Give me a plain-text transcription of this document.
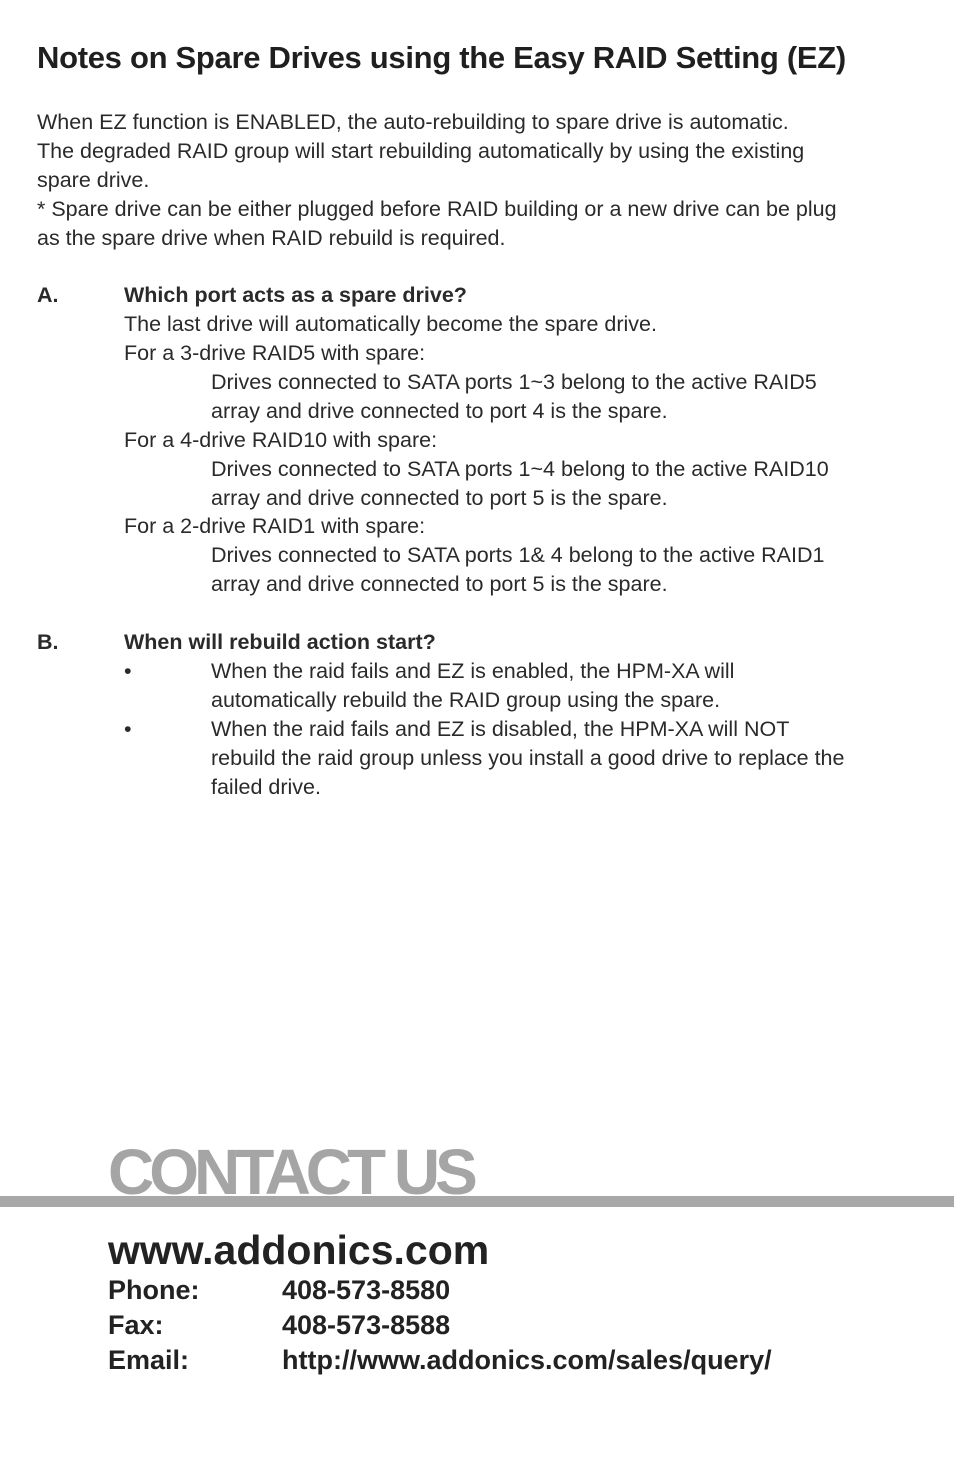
Notes on Spare Drives using the Easy RAID Setting (EZ)
When EZ function is ENABLED, the auto-rebuilding to spare drive is automatic.
The degraded RAID group will start rebuilding automatically by using the existing
spare drive.
* Spare drive can be either plugged before RAID building or a new drive can be plug
as the spare drive when RAID rebuild is required.
A.	Which port acts as a spare drive?
The last drive will automatically become the spare drive.
For a 3-drive RAID5 with spare:
Drives connected to SATA ports 1~3 belong to the active RAID5
array and drive connected to port 4 is the spare.
For a 4-drive RAID10 with spare:
Drives connected to SATA ports 1~4 belong to the active RAID10
array and drive connected to port 5 is the spare.
For a 2-drive RAID1 with spare:
Drives connected to SATA ports 1& 4 belong to the active RAID1
array and drive connected to port 5 is the spare.
B.	When will rebuild action start?
•	When the raid fails and EZ is enabled, the HPM-XA will
automatically rebuild the RAID group using the spare.
•	When the raid fails and EZ is disabled, the HPM-XA will NOT
rebuild the raid group unless you install a good drive to replace the
failed drive.
CONTACT US
www.addonics.com
Phone:	408-573-8580
Fax:	408-573-8588
Email:	http://www.addonics.com/sales/query/
